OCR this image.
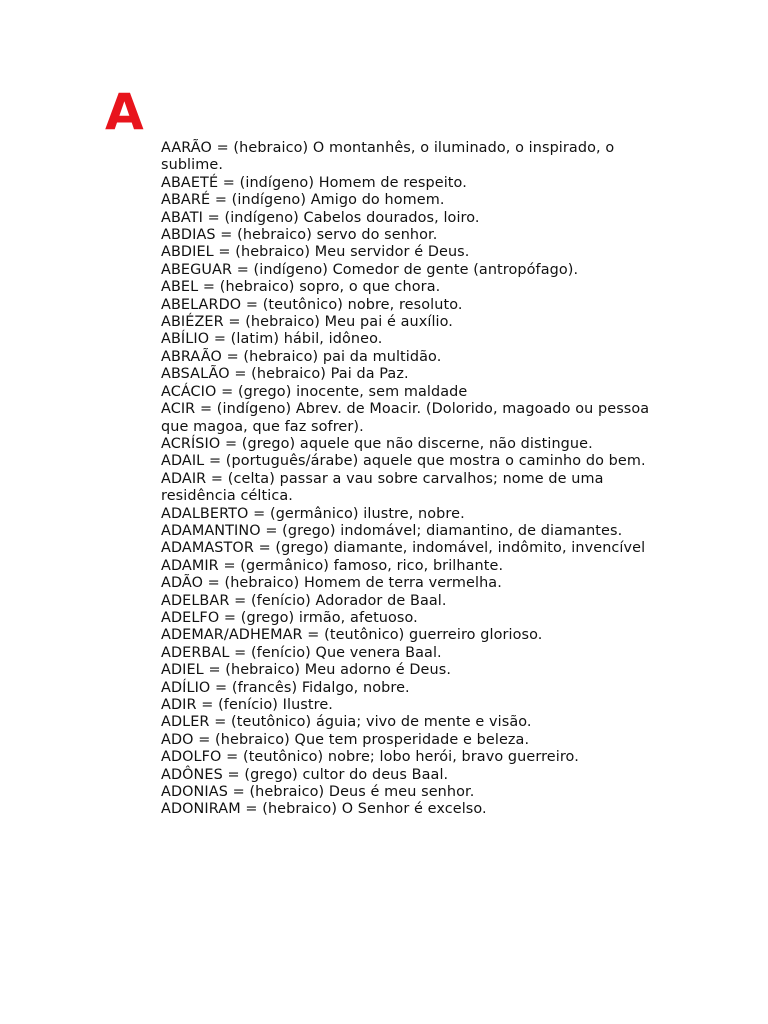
A
AARÃO = (hebraico) O montanhês, o iluminado, o inspirado, o sublime.
ABAETÉ = (indígeno) Homem de respeito.
ABARÉ = (indígeno) Amigo do homem.
ABATI = (indígeno) Cabelos dourados, loiro.
ABDIAS = (hebraico) servo do senhor.
ABDIEL = (hebraico) Meu servidor é Deus.
ABEGUAR = (indígeno) Comedor de gente (antropófago).
ABEL = (hebraico) sopro, o que chora.
ABELARDO = (teutônico) nobre, resoluto.
ABIÉZER = (hebraico) Meu pai é auxílio.
ABÍLIO = (latim) hábil, idôneo.
ABRAÃO = (hebraico) pai da multidão.
ABSALÃO = (hebraico) Pai da Paz.
ACÁCIO = (grego) inocente, sem maldade
ACIR = (indígeno) Abrev. de Moacir. (Dolorido, magoado ou pessoa que magoa, que faz sofrer).
ACRÍSIO = (grego) aquele que não discerne, não distingue.
ADAIL = (português/árabe) aquele que mostra o caminho do bem.
ADAIR = (celta) passar a vau sobre carvalhos; nome de uma residência céltica.
ADALBERTO = (germânico) ilustre, nobre.
ADAMANTINO = (grego) indomável; diamantino, de diamantes.
ADAMASTOR = (grego) diamante, indomável, indômito, invencível
ADAMIR = (germânico) famoso, rico, brilhante.
ADÃO = (hebraico) Homem de terra vermelha.
ADELBAR = (fenício) Adorador de Baal.
ADELFO = (grego) irmão, afetuoso.
ADEMAR/ADHEMAR = (teutônico) guerreiro glorioso.
ADERBAL = (fenício) Que venera Baal.
ADIEL = (hebraico) Meu adorno é Deus.
ADÍLIO = (francês) Fidalgo, nobre.
ADIR = (fenício) Ilustre.
ADLER = (teutônico) águia; vivo de mente e visão.
ADO = (hebraico) Que tem prosperidade e beleza.
ADOLFO = (teutônico) nobre; lobo herói, bravo guerreiro.
ADÔNES = (grego) cultor do deus Baal.
ADONIAS = (hebraico) Deus é meu senhor.
ADONIRAM = (hebraico) O Senhor é excelso.
